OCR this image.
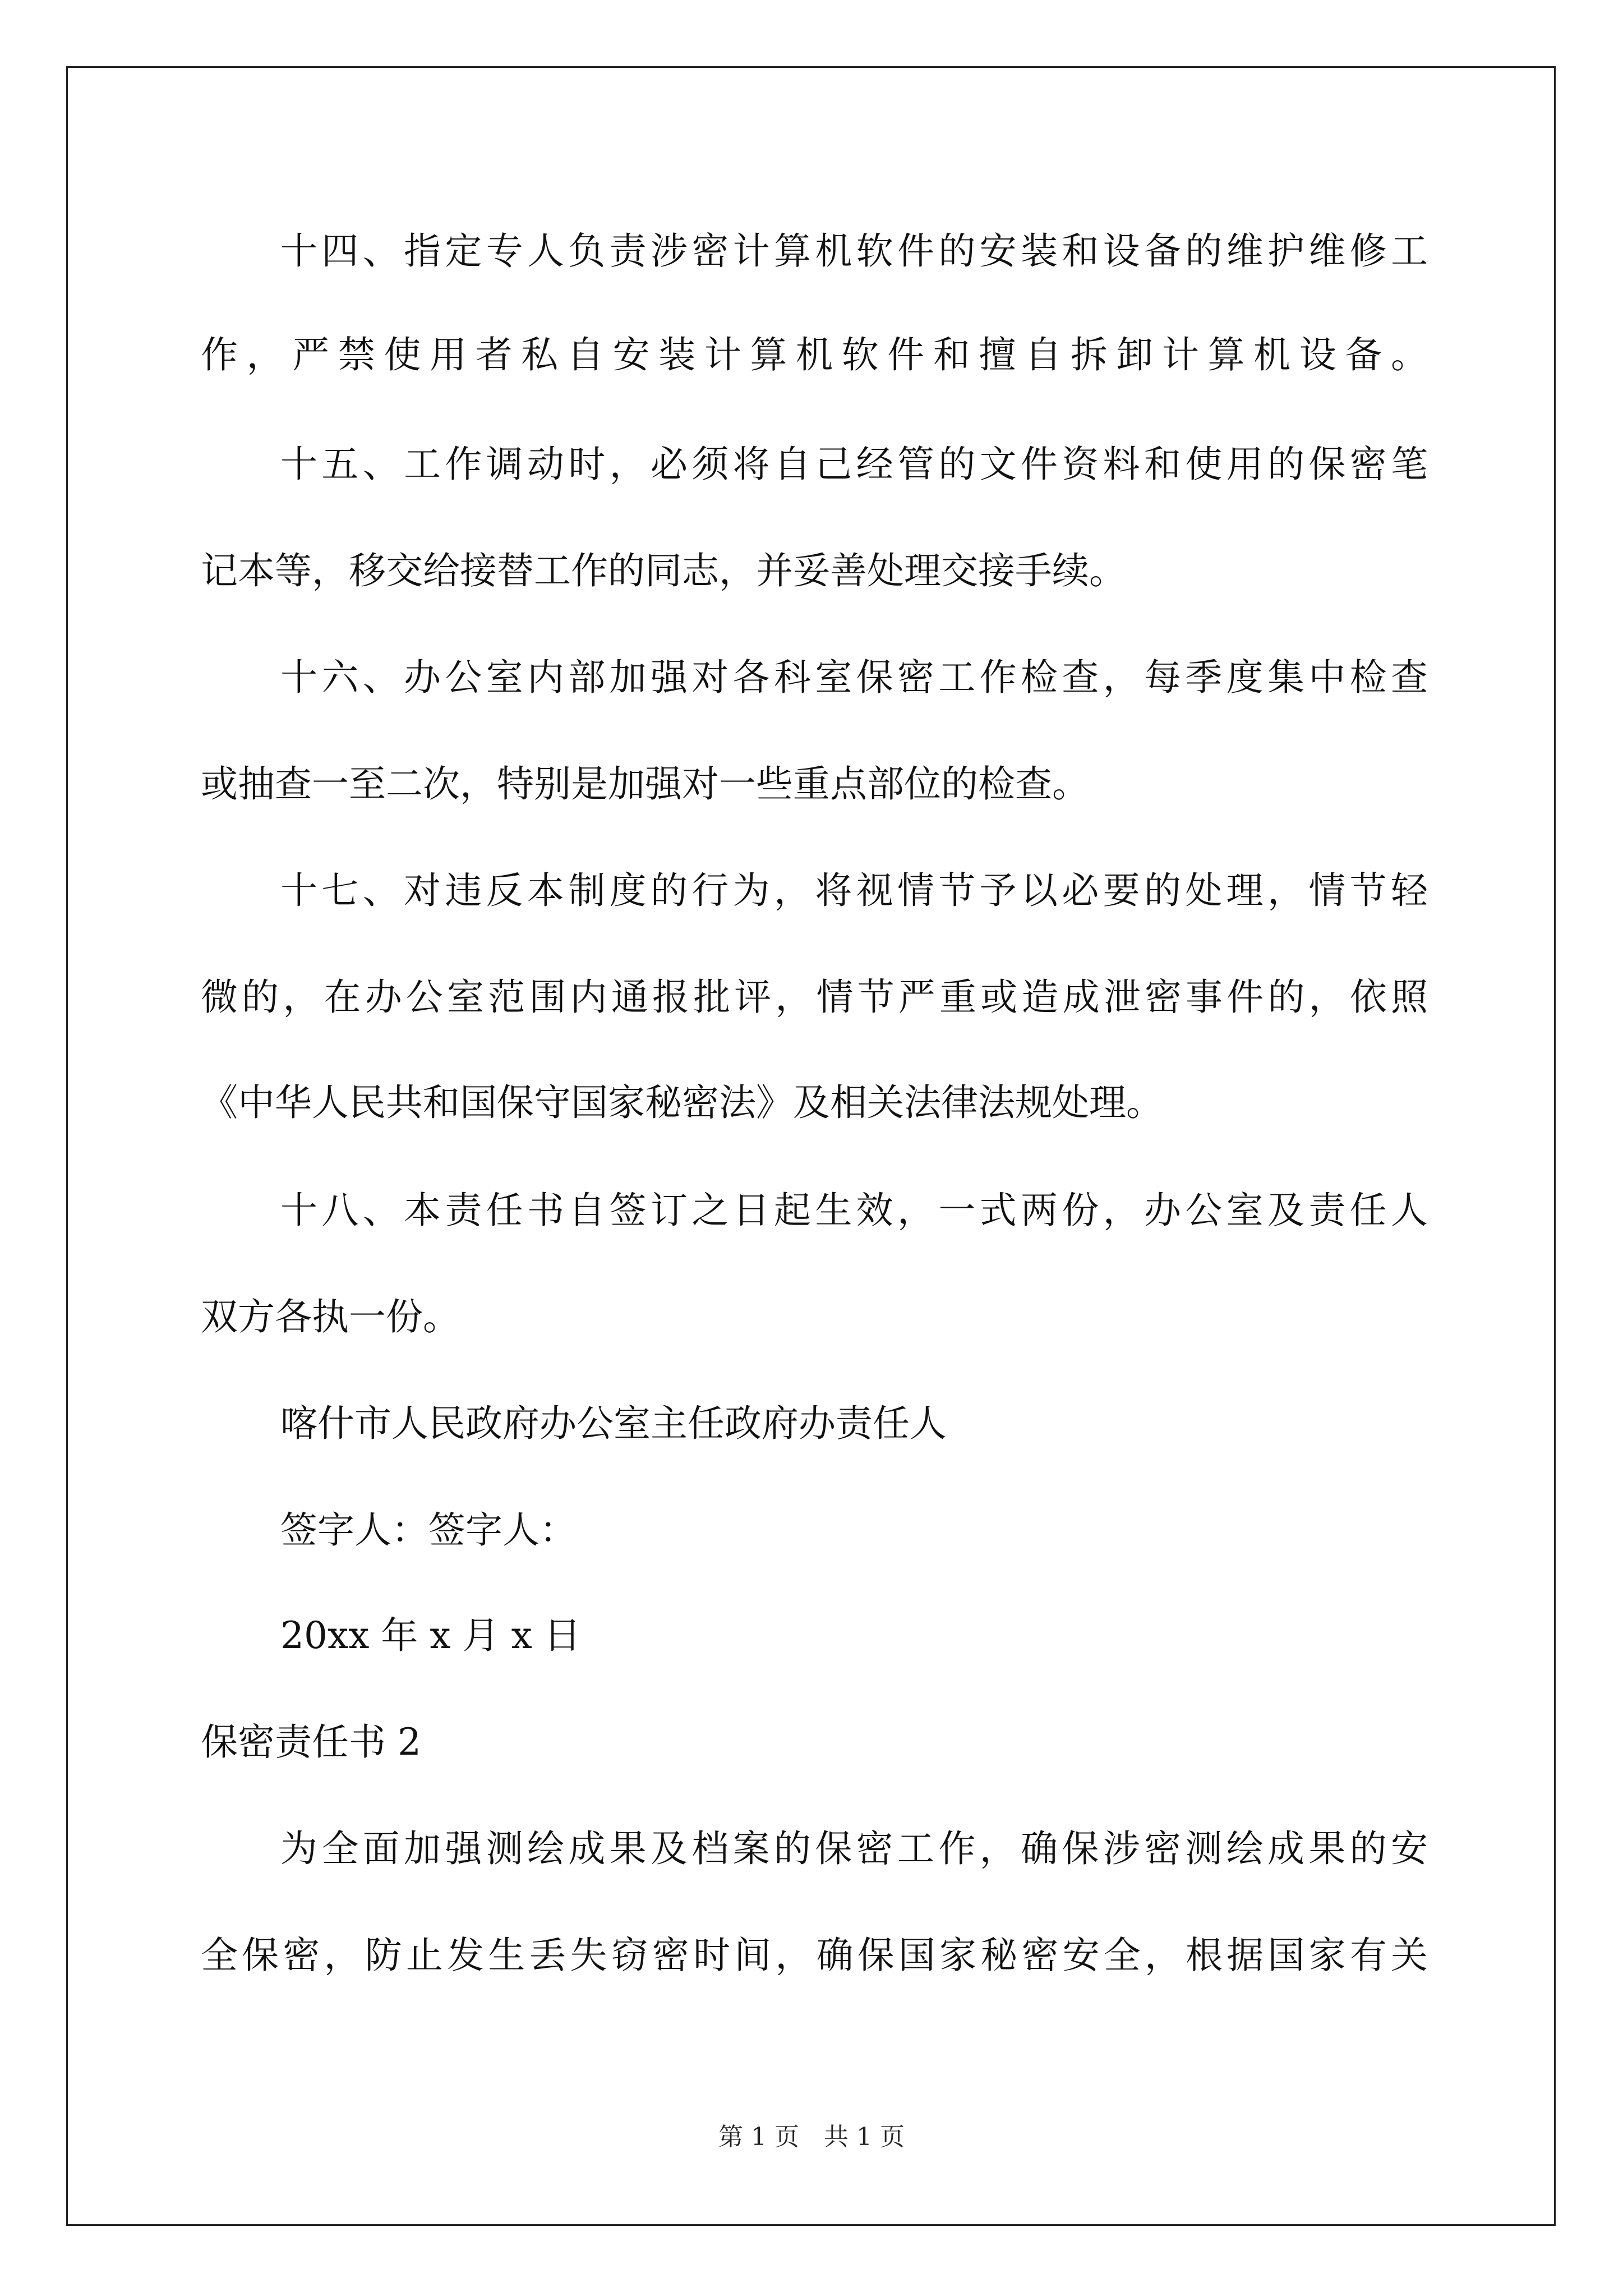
十四、指定专人负责涉密计算机软件的安装和设备的维护维修工
作，严禁使用者私自安装计算机软件和擅自拆卸计算机设备。
十五、工作调动时，必须将自己经管的文件资料和使用的保密笔
记本等，移交给接替工作的同志，并妥善处理交接手续。
十六、办公室内部加强对各科室保密工作检查，每季度集中检查
或抽查一至二次，特别是加强对一些重点部位的检查。
十七、对违反本制度的行为，将视情节予以必要的处理，情节轻
微的，在办公室范围内通报批评，情节严重或造成泄密事件的，依照
《中华人民共和国保守国家秘密法》及相关法律法规处理。
十八、本责任书自签订之日起生效，一式两份，办公室及责任人
双方各执一份。
喀什市人民政府办公室主任政府办责任人
签字人：签字人：
20xx 年 x 月 x 日
保密责任书 2
为全面加强测绘成果及档案的保密工作，确保涉密测绘成果的安
全保密，防止发生丢失窃密时间，确保国家秘密安全，根据国家有关
第 1 页　共 1 页
